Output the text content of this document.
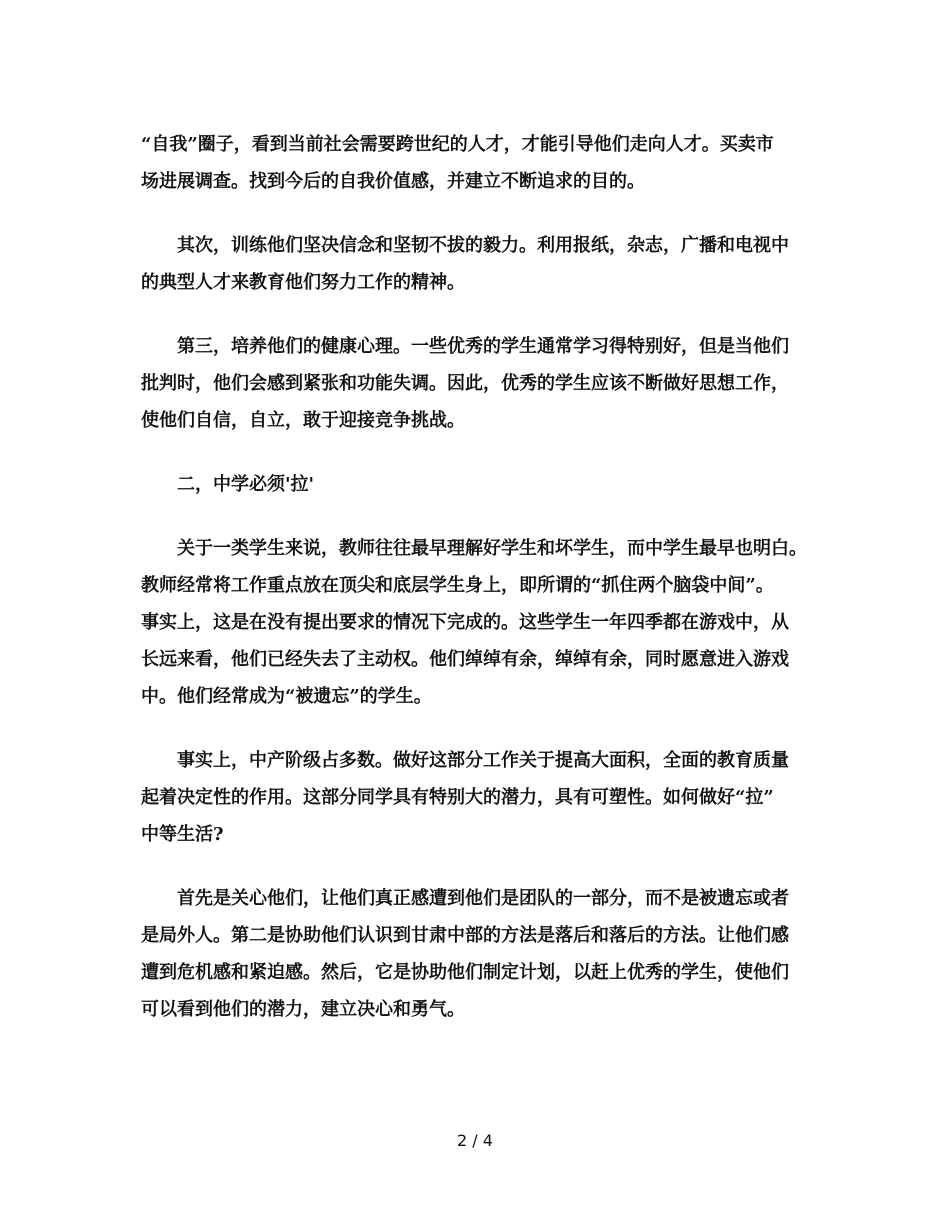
“自我”圈子，看到当前社会需要跨世纪的人才，才能引导他们走向人才。买卖市
场进展调查。找到今后的自我价值感，并建立不断追求的目的。
其次，训练他们坚决信念和坚韧不拔的毅力。利用报纸，杂志，广播和电视中
的典型人才来教育他们努力工作的精神。
第三，培养他们的健康心理。一些优秀的学生通常学习得特别好，但是当他们
批判时，他们会感到紧张和功能失调。因此，优秀的学生应该不断做好思想工作，
使他们自信，自立，敢于迎接竞争挑战。
二，中学必须'拉'
关于一类学生来说，教师往往最早理解好学生和坏学生，而中学生最早也明白。
教师经常将工作重点放在顶尖和底层学生身上，即所谓的“抓住两个脑袋中间”。
事实上，这是在没有提出要求的情况下完成的。这些学生一年四季都在游戏中，从
长远来看，他们已经失去了主动权。他们绰绰有余，绰绰有余，同时愿意进入游戏
中。他们经常成为“被遗忘”的学生。
事实上，中产阶级占多数。做好这部分工作关于提高大面积，全面的教育质量
起着决定性的作用。这部分同学具有特别大的潜力，具有可塑性。如何做好“拉”
中等生活?
首先是关心他们，让他们真正感遭到他们是团队的一部分，而不是被遗忘或者
是局外人。第二是协助他们认识到甘肃中部的方法是落后和落后的方法。让他们感
遭到危机感和紧迫感。然后，它是协助他们制定计划，以赶上优秀的学生，使他们
可以看到他们的潜力，建立决心和勇气。
2 / 4
